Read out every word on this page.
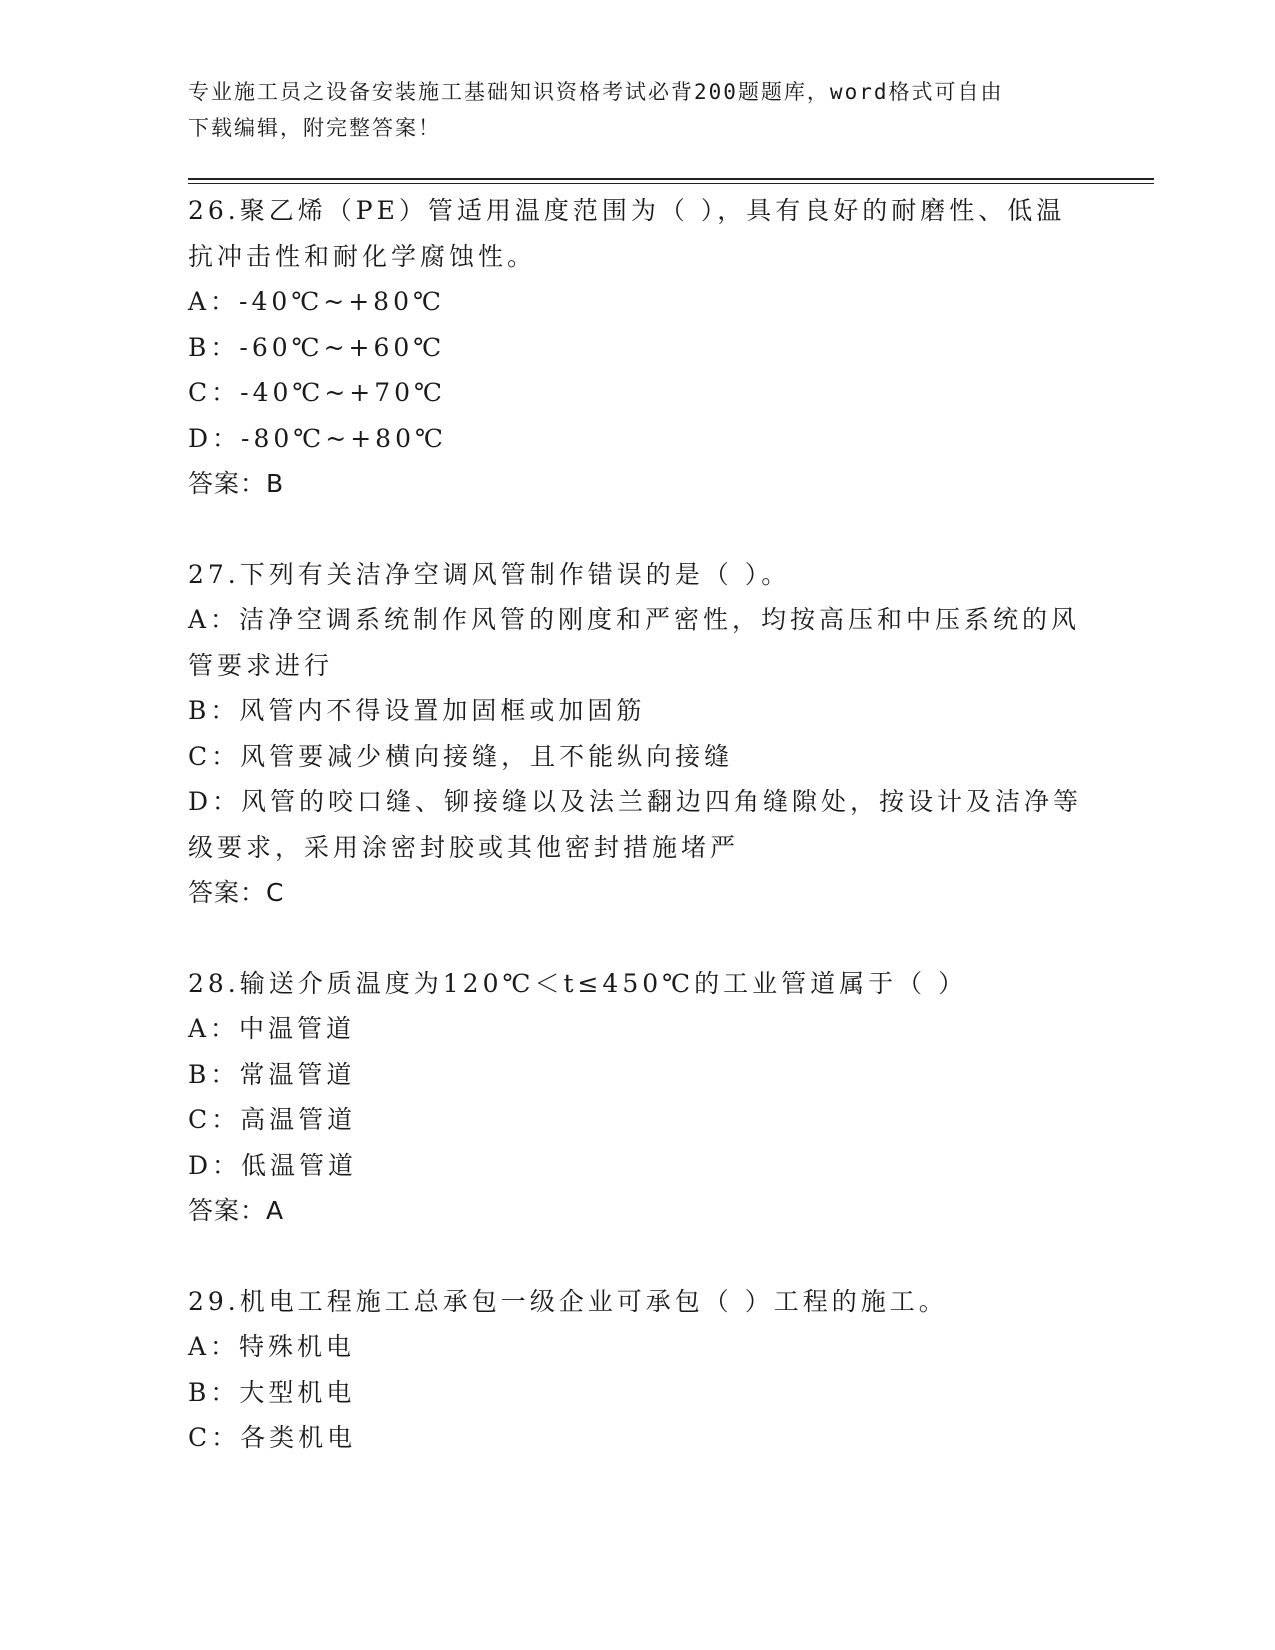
专业施工员之设备安装施工基础知识资格考试必背200题题库，word格式可自由
下载编辑，附完整答案！
26.聚乙烯（PE）管适用温度范围为（ ），具有良好的耐磨性、低温
抗冲击性和耐化学腐蚀性。
A：-40℃~+80℃
B：-60℃~+60℃
C：-40℃~+70℃
D：-80℃~+80℃
答案：B
27.下列有关洁净空调风管制作错误的是（ ）。
A：洁净空调系统制作风管的刚度和严密性，均按高压和中压系统的风
管要求进行
B：风管内不得设置加固框或加固筋
C：风管要减少横向接缝，且不能纵向接缝
D：风管的咬口缝、铆接缝以及法兰翻边四角缝隙处，按设计及洁净等
级要求，采用涂密封胶或其他密封措施堵严
答案：C
28.输送介质温度为120℃＜t≤450℃的工业管道属于（ ）
A：中温管道
B：常温管道
C：高温管道
D：低温管道
答案：A
29.机电工程施工总承包一级企业可承包（ ）工程的施工。
A：特殊机电
B：大型机电
C：各类机电
